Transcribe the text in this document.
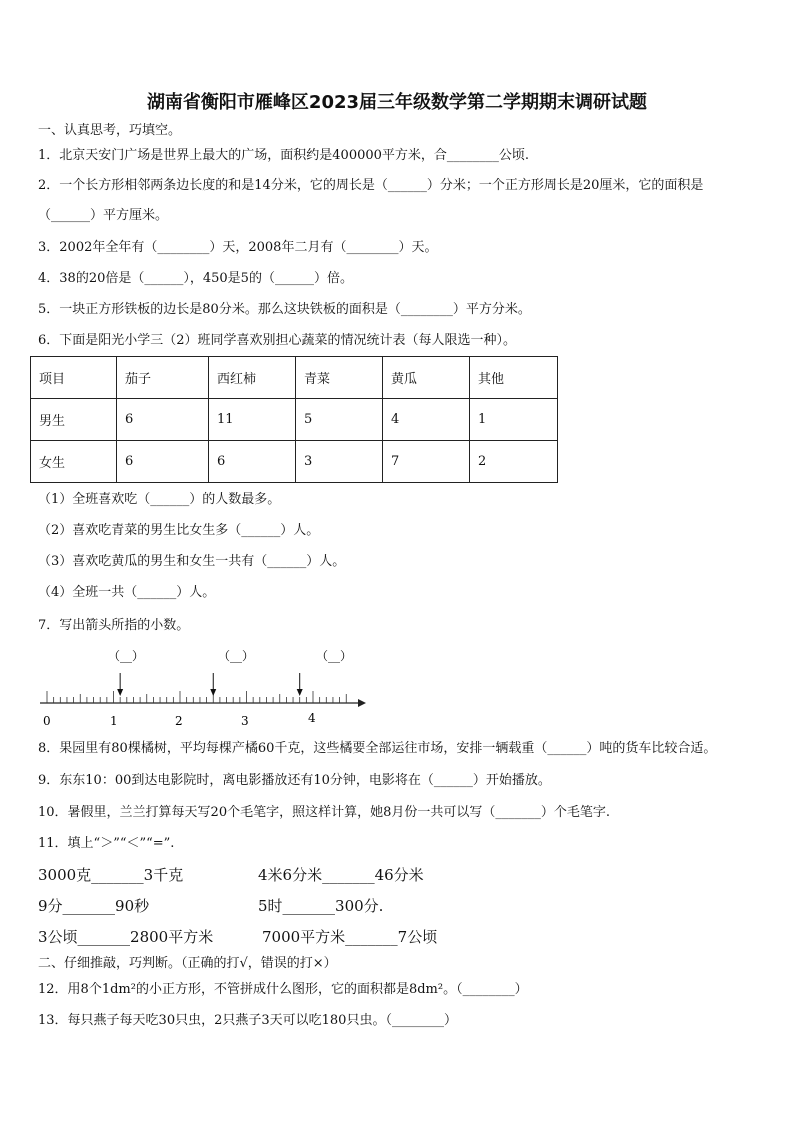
湖南省衡阳市雁峰区2023届三年级数学第二学期期末调研试题
一、认真思考，巧填空。
1．北京天安门广场是世界上最大的广场，面积约是400000平方米，合________公顷.
2．一个长方形相邻两条边长度的和是14分米，它的周长是（______）分米；一个正方形周长是20厘米，它的面积是
（______）平方厘米。
3．2002年全年有（________）天，2008年二月有（________）天。
4．38的20倍是（______），450是5的（______）倍。
5．一块正方形铁板的边长是80分米。那么这块铁板的面积是（________）平方分米。
6．下面是阳光小学三（2）班同学喜欢别担心蔬菜的情况统计表（每人限选一种）。
项目	茄子	西红柿	青菜	黄瓜	其他
男生	6	11	5	4	1
女生	6	6	3	7	2
（1）全班喜欢吃（______）的人数最多。
（2）喜欢吃青菜的男生比女生多（______）人。
（3）喜欢吃黄瓜的男生和女生一共有（______）人。
（4）全班一共（______）人。
7．写出箭头所指的小数。
（__）	（__）	（__）
0	1	2	3	4
8．果园里有80棵橘树，平均每棵产橘60千克，这些橘要全部运往市场，安排一辆载重（______）吨的货车比较合适。
9．东东10：00到达电影院时，离电影播放还有10分钟，电影将在（______）开始播放。
10．暑假里，兰兰打算每天写20个毛笔字，照这样计算，她8月份一共可以写（_______）个毛笔字.
11．填上“＞”“＜”“=”.
3000克_______3千克	4米6分米_______46分米
9分_______90秒	5时_______300分.
3公顷_______2800平方米	7000平方米_______7公顷
二、仔细推敲，巧判断。（正确的打√，错误的打×）
12．用8个1dm²的小正方形，不管拼成什么图形，它的面积都是8dm²。（________）
13．每只燕子每天吃30只虫，2只燕子3天可以吃180只虫。（________）
